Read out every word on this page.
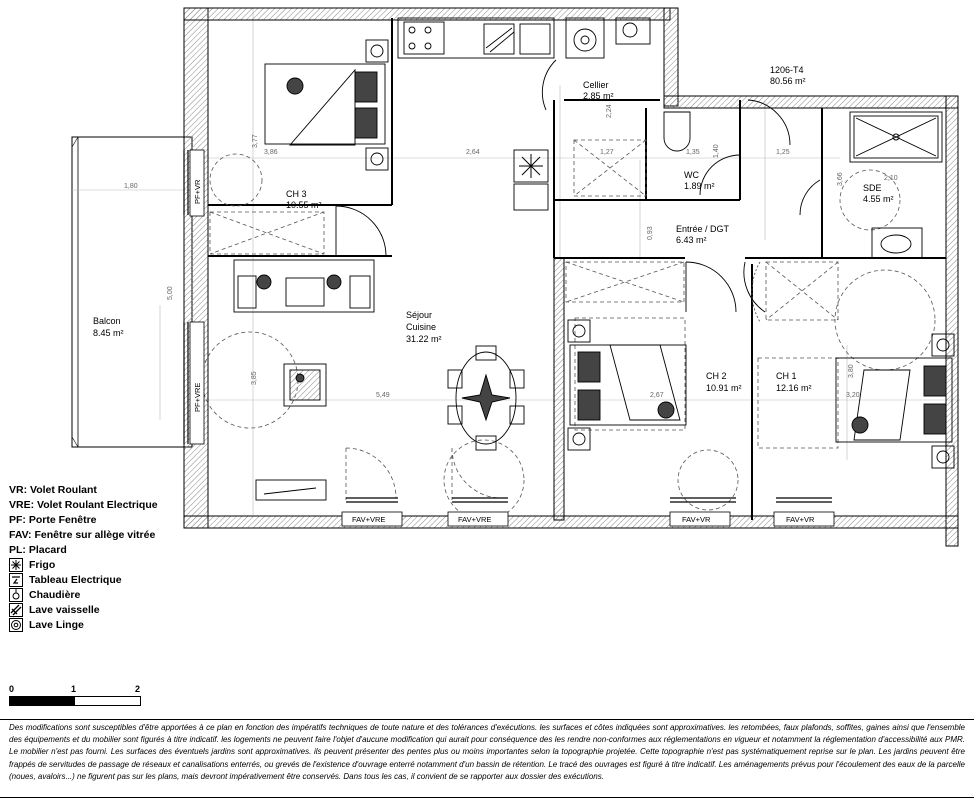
1206-T4
80.56 m²
Cellier
2.85 m²
WC
1.89 m²	SDE
4.55 m²
Entrée / DGT
6.43 m²
CH 3
10.55 m²
Séjour
Cuisine
31.22 m²
CH 2
10.91 m²
CH 1
12.16 m²
Balcon
8.45 m²
3,77
3,86	2,64	1,27	1,35	1,25
2,24
1,40
3,66	2,10
0,93
1,80
5,00
3,85
5,49	2,67	3,20
3,80
PF+VR
PF+VRE
FAV+VRE	FAV+VRE	FAV+VR	FAV+VR
VR: Volet Roulant
VRE: Volet Roulant Electrique
PF: Porte Fenêtre
FAV: Fenêtre sur allège vitrée
PL: Placard
Frigo
Tableau Electrique
Chaudière
Lave vaisselle
Lave Linge
0	1	2
Des modifications sont susceptibles d'être apportées à ce plan en fonction des impératifs techniques de toute nature et des tolérances d'exécutions. les surfaces et côtes indiquées sont approximatives. les retombées, faux plafonds, soffites, gaines ainsi que l'ensemble des équipements et du mobilier sont figurés à titre indicatif. les logements ne peuvent faire l'objet d'aucune modification qui aurait pour conséquence des les rendre non-conformes aux réglementations en vigueur et notamment la réglementation d'accessibilité aux PMR. Le mobilier n'est pas fourni. Les surfaces des éventuels jardins sont approximatives. ils peuvent présenter des pentes plus ou moins importantes selon la topographie projetée. Cette topographie n'est pas systématiquement reprise sur le plan. Les jardins peuvent être frappés de servitudes de passage de réseaux et canalisations enterrés, ou grevés de l'existence d'ouvrage enterré notamment d'un bassin de rétention. Le tracé des ouvrages est figuré à titre indicatif. Les aménagements prévus pour l'écoulement des eaux de la parcelle (noues, avaloirs...) ne figurent pas sur les plans, mais devront impérativement être conservés. Dans tous les cas, il convient de se rapporter aux dossier des exécutions.
